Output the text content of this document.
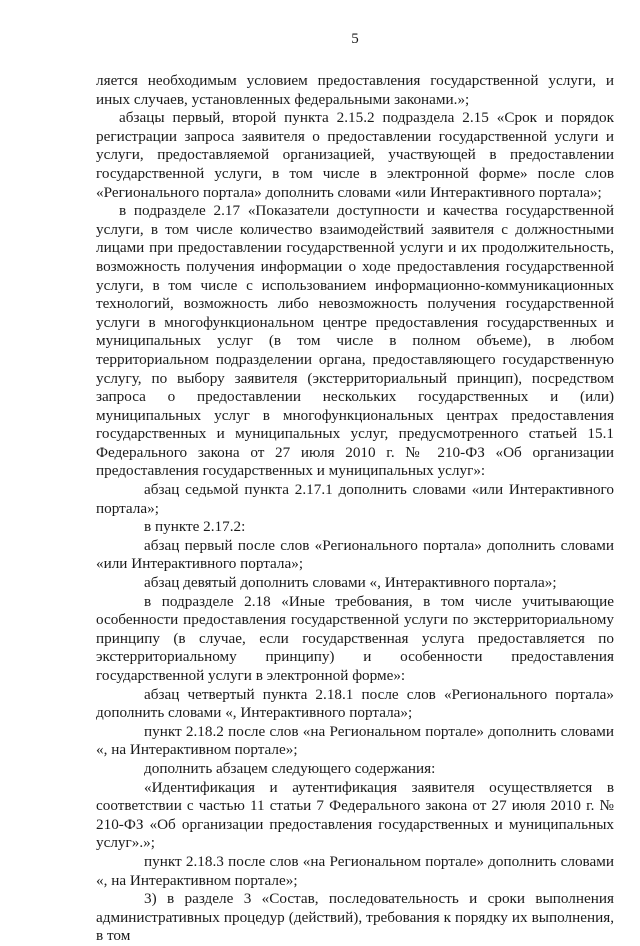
5

ляется необходимым условием предоставления государственной услуги, и иных случаев, установленных федеральными законами.»;

абзацы первый, второй пункта 2.15.2 подраздела 2.15 «Срок и порядок регистрации запроса заявителя о предоставлении государственной услуги и услуги, предоставляемой организацией, участвующей в предоставлении государственной услуги, в том числе в электронной форме» после слов «Регионального портала» дополнить словами «или Интерактивного портала»;

в подразделе 2.17 «Показатели доступности и качества государственной услуги, в том числе количество взаимодействий заявителя с должностными лицами при предоставлении государственной услуги и их продолжительность, возможность получения информации о ходе предоставления государственной услуги, в том числе с использованием информационно-коммуникационных технологий, возможность либо невозможность получения государственной услуги в многофункциональном центре предоставления государственных и муниципальных услуг (в том числе в полном объеме), в любом территориальном подразделении органа, предоставляющего государственную услугу, по выбору заявителя (экстерриториальный принцип), посредством запроса о предоставлении нескольких государственных и (или) муниципальных услуг в многофункциональных центрах предоставления государственных и муниципальных услуг, предусмотренного статьей 15.1 Федерального закона от 27 июля 2010 г. № 210-ФЗ «Об организации предоставления государственных и муниципальных услуг»:

абзац седьмой пункта 2.17.1 дополнить словами «или Интерактивного портала»;

в пункте 2.17.2:

абзац первый после слов «Регионального портала» дополнить словами «или Интерактивного портала»;

абзац девятый дополнить словами «, Интерактивного портала»;

в подразделе 2.18 «Иные требования, в том числе учитывающие особенности предоставления государственной услуги по экстерриториальному принципу (в случае, если государственная услуга предоставляется по экстерриториальному принципу) и особенности предоставления государственной услуги в электронной форме»:

абзац четвертый пункта 2.18.1 после слов «Регионального портала» дополнить словами «, Интерактивного портала»;

пункт 2.18.2 после слов «на Региональном портале» дополнить словами «, на Интерактивном портале»;

дополнить абзацем следующего содержания:

«Идентификация и аутентификация заявителя осуществляется в соответствии с частью 11 статьи 7 Федерального закона от 27 июля 2010 г. № 210-ФЗ «Об организации предоставления государственных и муниципальных услуг».»;

пункт 2.18.3 после слов «на Региональном портале» дополнить словами «, на Интерактивном портале»;

3) в разделе 3 «Состав, последовательность и сроки выполнения административных процедур (действий), требования к порядку их выполнения, в том
